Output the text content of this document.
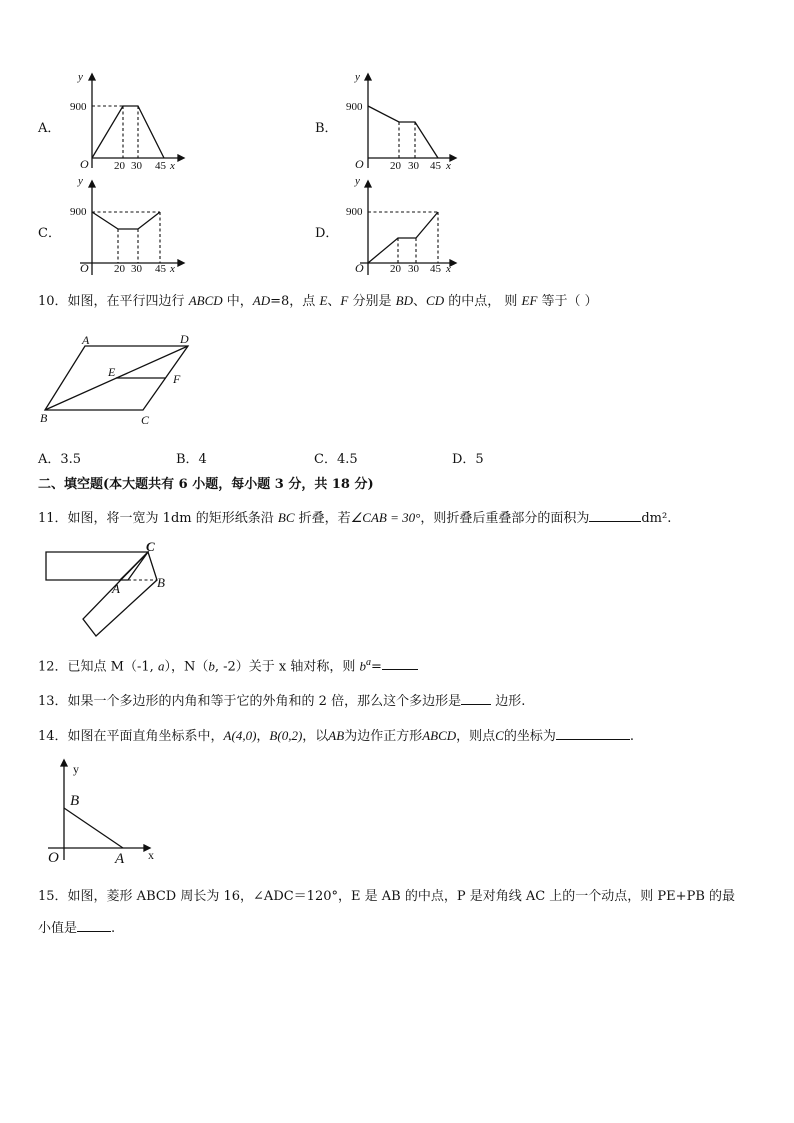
A．
y
900
O 20 30 45 x
B．
y
900
20 30 45 x
O
C．
y
900
O 20 30 45 x
D．
y
900
O 20 30 45 x
10．如图，在平行四边行 ABCD 中，AD=8，点 E、F 分别是 BD、CD 的中点， 则 EF 等于（ ）
A	D
E	F
B	C
A．3.5	B．4	C．4.5	D．5
二、填空题(本大题共有 6 小题，每小题 3 分，共 18 分)
11．如图，将一宽为 1dm 的矩形纸条沿 BC 折叠，若∠CAB = 30°，则折叠后重叠部分的面积为	dm².
C
B
A
12．已知点 M（-1, a），N（b, -2）关于 x 轴对称，则 $b^a=$
13．如果一个多边形的内角和等于它的外角和的 2 倍，那么这个多边形是 边形.
14．如图在平面直角坐标系中，A(4,0)，B(0,2)，以AB为边作正方形ABCD，则点C的坐标为	.
y
B
O	A x
15．如图，菱形 ABCD 周长为 16，∠ADC＝120°，E 是 AB 的中点，P 是对角线 AC 上的一个动点，则 PE+PB 的最
小值是	.
